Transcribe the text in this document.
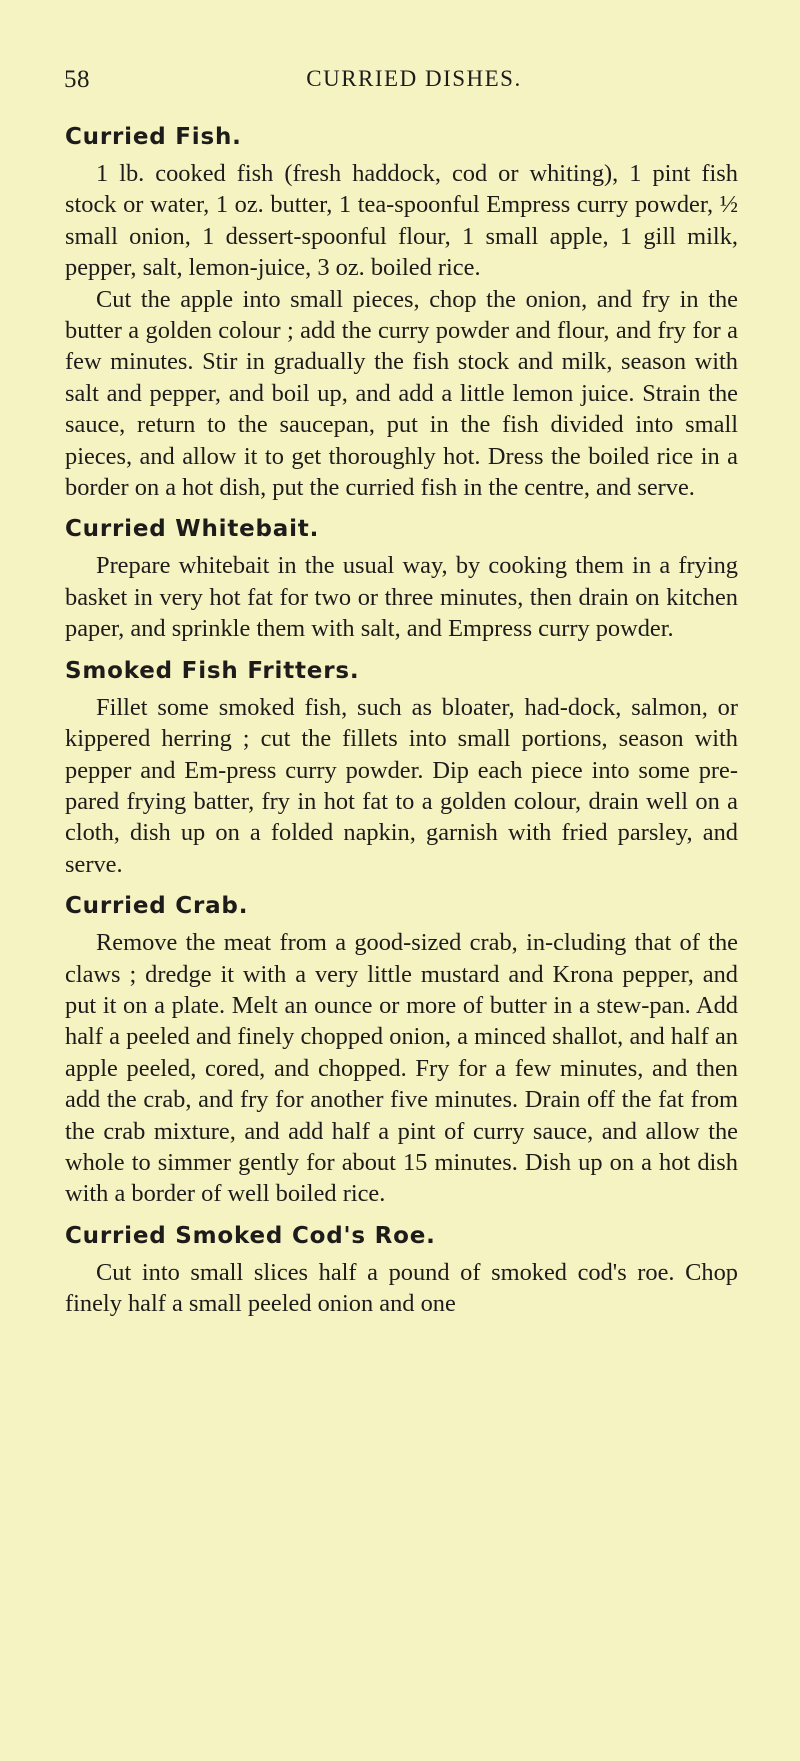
58	CURRIED DISHES.
Curried Fish.

1 lb. cooked fish (fresh haddock, cod or whiting), 1 pint fish stock or water, 1 oz. butter, 1 tea-spoonful Empress curry powder, ½ small onion, 1 dessert-spoonful flour, 1 small apple, 1 gill milk, pepper, salt, lemon-juice, 3 oz. boiled rice.

Cut the apple into small pieces, chop the onion, and fry in the butter a golden colour ; add the curry powder and flour, and fry for a few minutes. Stir in gradually the fish stock and milk, season with salt and pepper, and boil up, and add a little lemon juice. Strain the sauce, return to the saucepan, put in the fish divided into small pieces, and allow it to get thoroughly hot. Dress the boiled rice in a border on a hot dish, put the curried fish in the centre, and serve.

Curried Whitebait.

Prepare whitebait in the usual way, by cooking them in a frying basket in very hot fat for two or three minutes, then drain on kitchen paper, and sprinkle them with salt, and Empress curry powder.

Smoked Fish Fritters.

Fillet some smoked fish, such as bloater, had-dock, salmon, or kippered herring ; cut the fillets into small portions, season with pepper and Em-press curry powder. Dip each piece into some pre-pared frying batter, fry in hot fat to a golden colour, drain well on a cloth, dish up on a folded napkin, garnish with fried parsley, and serve.

Curried Crab.

Remove the meat from a good-sized crab, in-cluding that of the claws ; dredge it with a very little mustard and Krona pepper, and put it on a plate. Melt an ounce or more of butter in a stew-pan. Add half a peeled and finely chopped onion, a minced shallot, and half an apple peeled, cored, and chopped. Fry for a few minutes, and then add the crab, and fry for another five minutes. Drain off the fat from the crab mixture, and add half a pint of curry sauce, and allow the whole to simmer gently for about 15 minutes. Dish up on a hot dish with a border of well boiled rice.

Curried Smoked Cod's Roe.

Cut into small slices half a pound of smoked cod's roe. Chop finely half a small peeled onion and one
